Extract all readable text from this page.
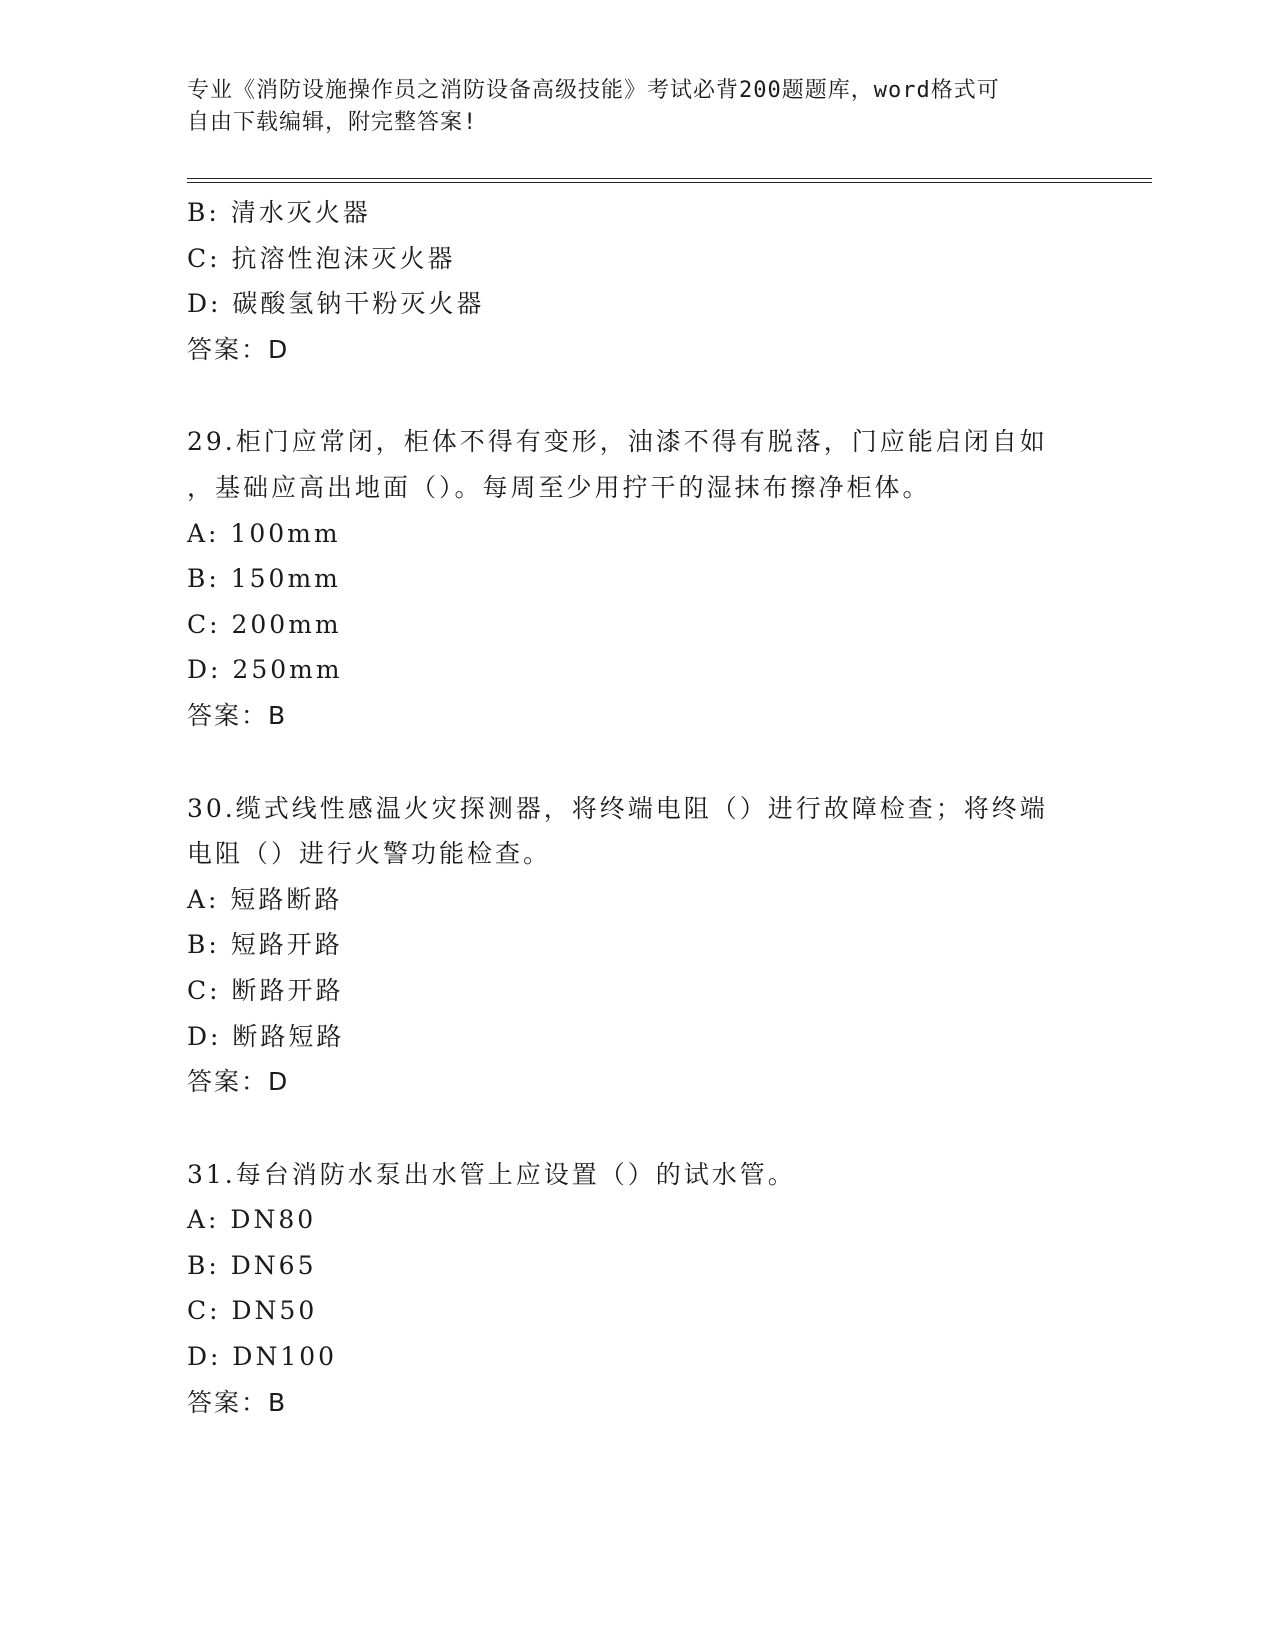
专业《消防设施操作员之消防设备高级技能》考试必背200题题库，word格式可
自由下载编辑，附完整答案!
B: 清水灭火器
C: 抗溶性泡沫灭火器
D: 碳酸氢钠干粉灭火器
答案：D
29.柜门应常闭，柜体不得有变形，油漆不得有脱落，门应能启闭自如
，基础应高出地面（）。每周至少用拧干的湿抹布擦净柜体。
A: 100mm
B: 150mm
C: 200mm
D: 250mm
答案：B
30.缆式线性感温火灾探测器，将终端电阻（）进行故障检查；将终端
电阻（）进行火警功能检查。
A: 短路断路
B: 短路开路
C: 断路开路
D: 断路短路
答案：D
31.每台消防水泵出水管上应设置（）的试水管。
A: DN80
B: DN65
C: DN50
D: DN100
答案：B
